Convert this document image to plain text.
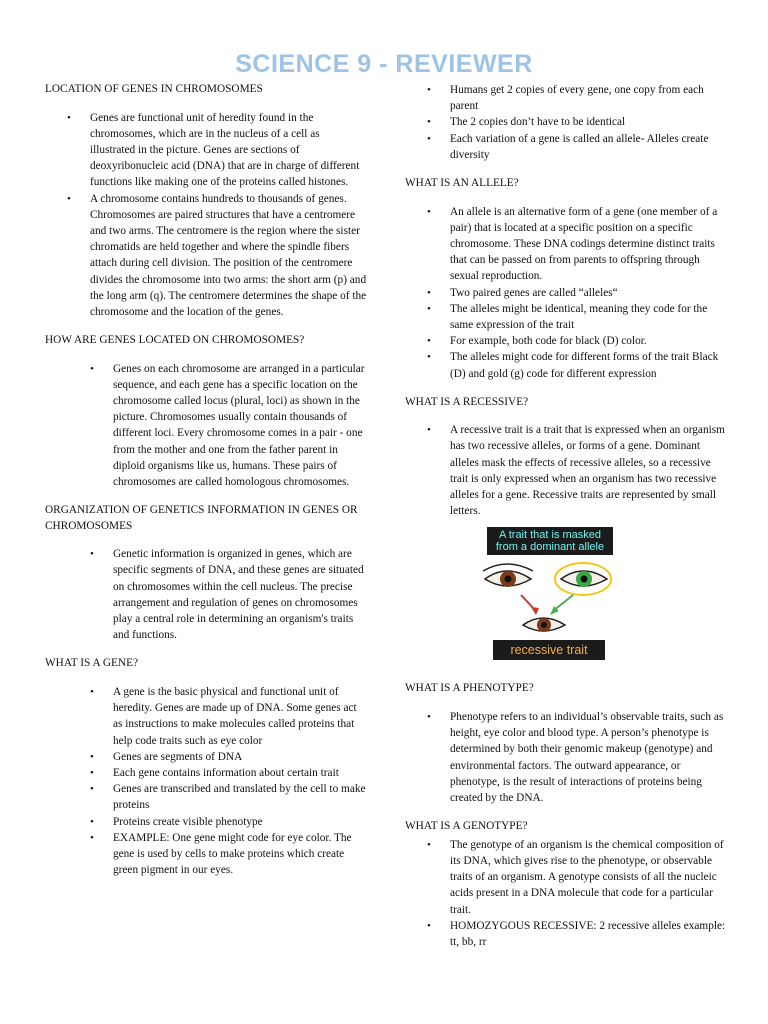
SCIENCE 9 - REVIEWER

LOCATION OF GENES IN CHROMOSOMES

• Genes are functional unit of heredity found in the chromosomes, which are in the nucleus of a cell as illustrated in the picture. Genes are sections of deoxyribonucleic acid (DNA) that are in charge of different functions like making one of the proteins called histones.
• A chromosome contains hundreds to thousands of genes. Chromosomes are paired structures that have a centromere and two arms. The centromere is the region where the sister chromatids are held together and where the spindle fibers attach during cell division. The position of the centromere divides the chromosome into two arms: the short arm (p) and the long arm (q). The centromere determines the shape of the chromosome and the location of the genes.

HOW ARE GENES LOCATED ON CHROMOSOMES?

• Genes on each chromosome are arranged in a particular sequence, and each gene has a specific location on the chromosome called locus (plural, loci) as shown in the picture. Chromosomes usually contain thousands of different loci. Every chromosome comes in a pair - one from the mother and one from the father parent in diploid organisms like us, humans. These pairs of chromosomes are called homologous chromosomes.

ORGANIZATION OF GENETICS INFORMATION IN GENES OR CHROMOSOMES

• Genetic information is organized in genes, which are specific segments of DNA, and these genes are situated on chromosomes within the cell nucleus. The precise arrangement and regulation of genes on chromosomes play a central role in determining an organism's traits and functions.

WHAT IS A GENE?

• A gene is the basic physical and functional unit of heredity. Genes are made up of DNA. Some genes act as instructions to make molecules called proteins that help code traits such as eye color
• Genes are segments of DNA
• Each gene contains information about certain trait
• Genes are transcribed and translated by the cell to make proteins
• Proteins create visible phenotype
• EXAMPLE: One gene might code for eye color. The gene is used by cells to make proteins which create green pigment in our eyes.
• Humans get 2 copies of every gene, one copy from each parent
• The 2 copies don’t have to be identical
• Each variation of a gene is called an allele- Alleles create diversity

WHAT IS AN ALLELE?

• An allele is an alternative form of a gene (one member of a pair) that is located at a specific position on a specific chromosome. These DNA codings determine distinct traits that can be passed on from parents to offspring through sexual reproduction.
• Two paired genes are called “alleles“
• The alleles might be identical, meaning they code for the same expression of the trait
• For example, both code for black (D) color.
• The alleles might code for different forms of the trait Black (D) and gold (g) code for different expression

WHAT IS A RECESSIVE?

• A recessive trait is a trait that is expressed when an organism has two recessive alleles, or forms of a gene. Dominant alleles mask the effects of recessive alleles, so a recessive trait is only expressed when an organism has two recessive alleles for a gene. Recessive traits are represented by small letters.
A trait that is masked
from a dominant allele
recessive trait

WHAT IS A PHENOTYPE?

• Phenotype refers to an individual’s observable traits, such as height, eye color and blood type. A person’s phenotype is determined by both their genomic makeup (genotype) and environmental factors. The outward appearance, or phenotype, is the result of interactions of proteins being created by the DNA.

WHAT IS A GENOTYPE?

• The genotype of an organism is the chemical composition of its DNA, which gives rise to the phenotype, or observable traits of an organism. A genotype consists of all the nucleic acids present in a DNA molecule that code for a particular trait.
• HOMOZYGOUS RECESSIVE: 2 recessive alleles example: tt, bb, rr
